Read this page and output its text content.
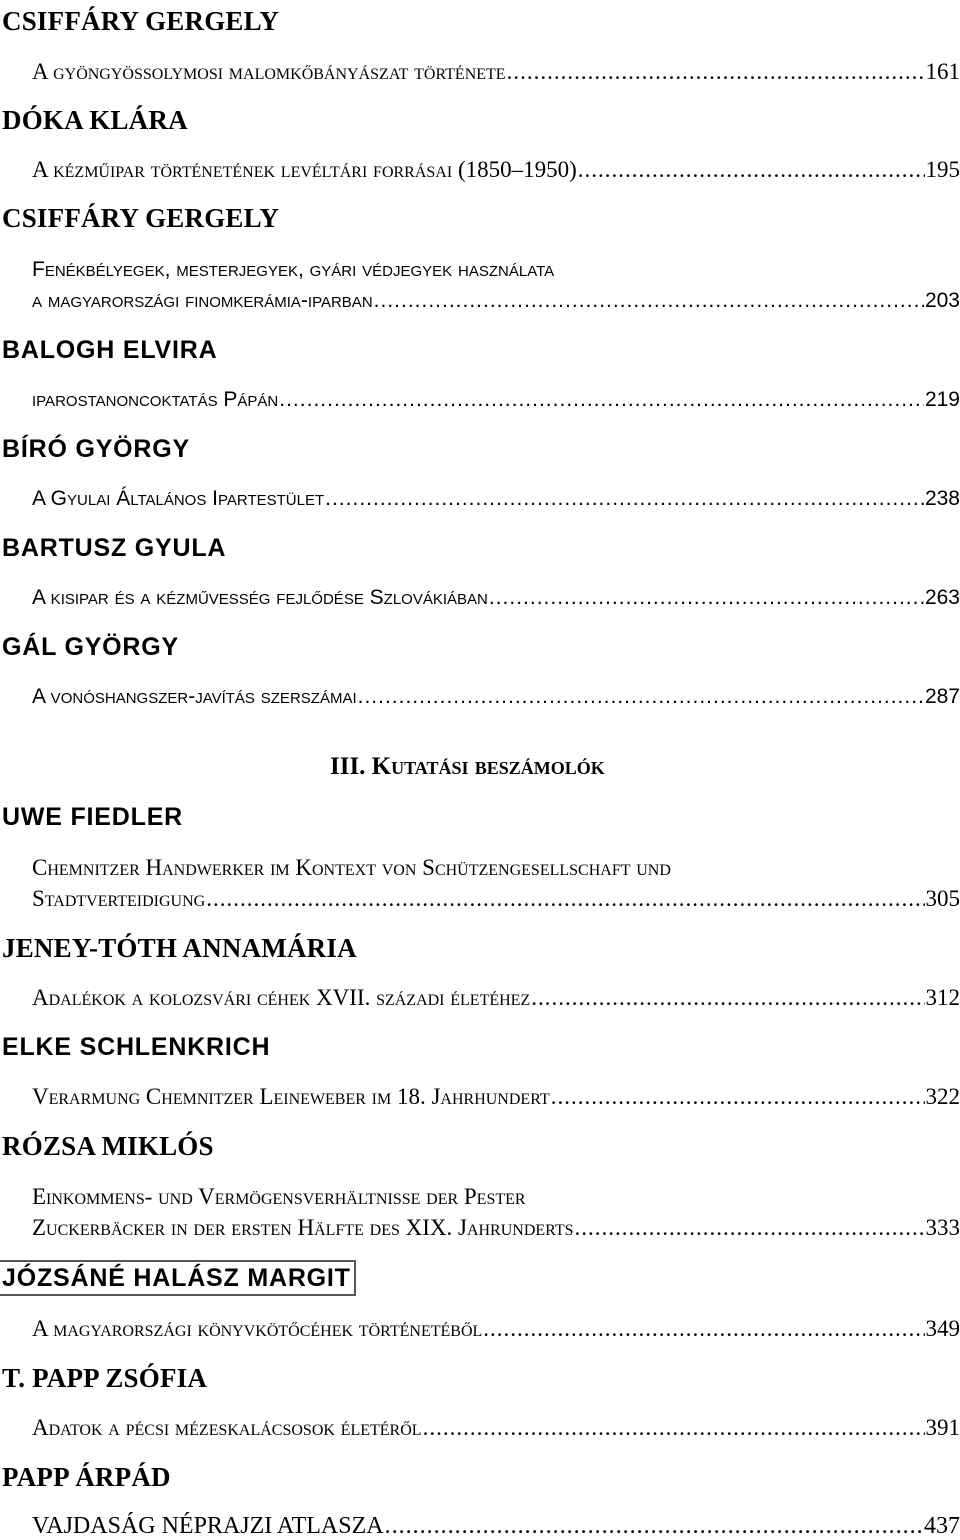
CSIFFÁRY GERGELY
A gyöngyössolymosi malomkőbányászat története .....	161
DÓKA KLÁRA
A kézműipar történetének levéltári forrásai (1850–1950) .....	195
CSIFFÁRY GERGELY
Fenékbélyegek, mesterjegyek, gyári védjegyek használata
a magyarországi finomkerámia-iparban .....	203
BALOGH ELVIRA
iparostanoncoktatás Pápán .....	219
BÍRÓ GYÖRGY
A Gyulai Általános Ipartestület .....	238
BARTUSZ GYULA
A kisipar és a kézművesség fejlődése Szlovákiában .....	263
GÁL GYÖRGY
A vonóshangszer-javítás szerszámai .....	287
III. Kutatási beszámolók
UWE FIEDLER
Chemnitzer Handwerker im Kontext von Schützengesellschaft und
Stadtverteidigung .....	305
JENEY-TÓTH ANNAMÁRIA
Adalékok a kolozsvári céhek XVII. századi életéhez .....	312
ELKE SCHLENKRICH
Verarmung Chemnitzer Leineweber im 18. Jahrhundert .....	322
RÓZSA MIKLÓS
Einkommens- und Vermögensverhältnisse der Pester
Zuckerbäcker in der ersten Hälfte des XIX. Jahrunderts .....	333
JÓZSÁNÉ HALÁSZ MARGIT
A magyarországi könyvkötőcéhek történetéből .....	349
T. PAPP ZSÓFIA
Adatok a pécsi mézeskalácsosok életéről .....	391
PAPP ÁRPÁD
VAJDASÁG NÉPRAJZI ATLASZA .....	437
